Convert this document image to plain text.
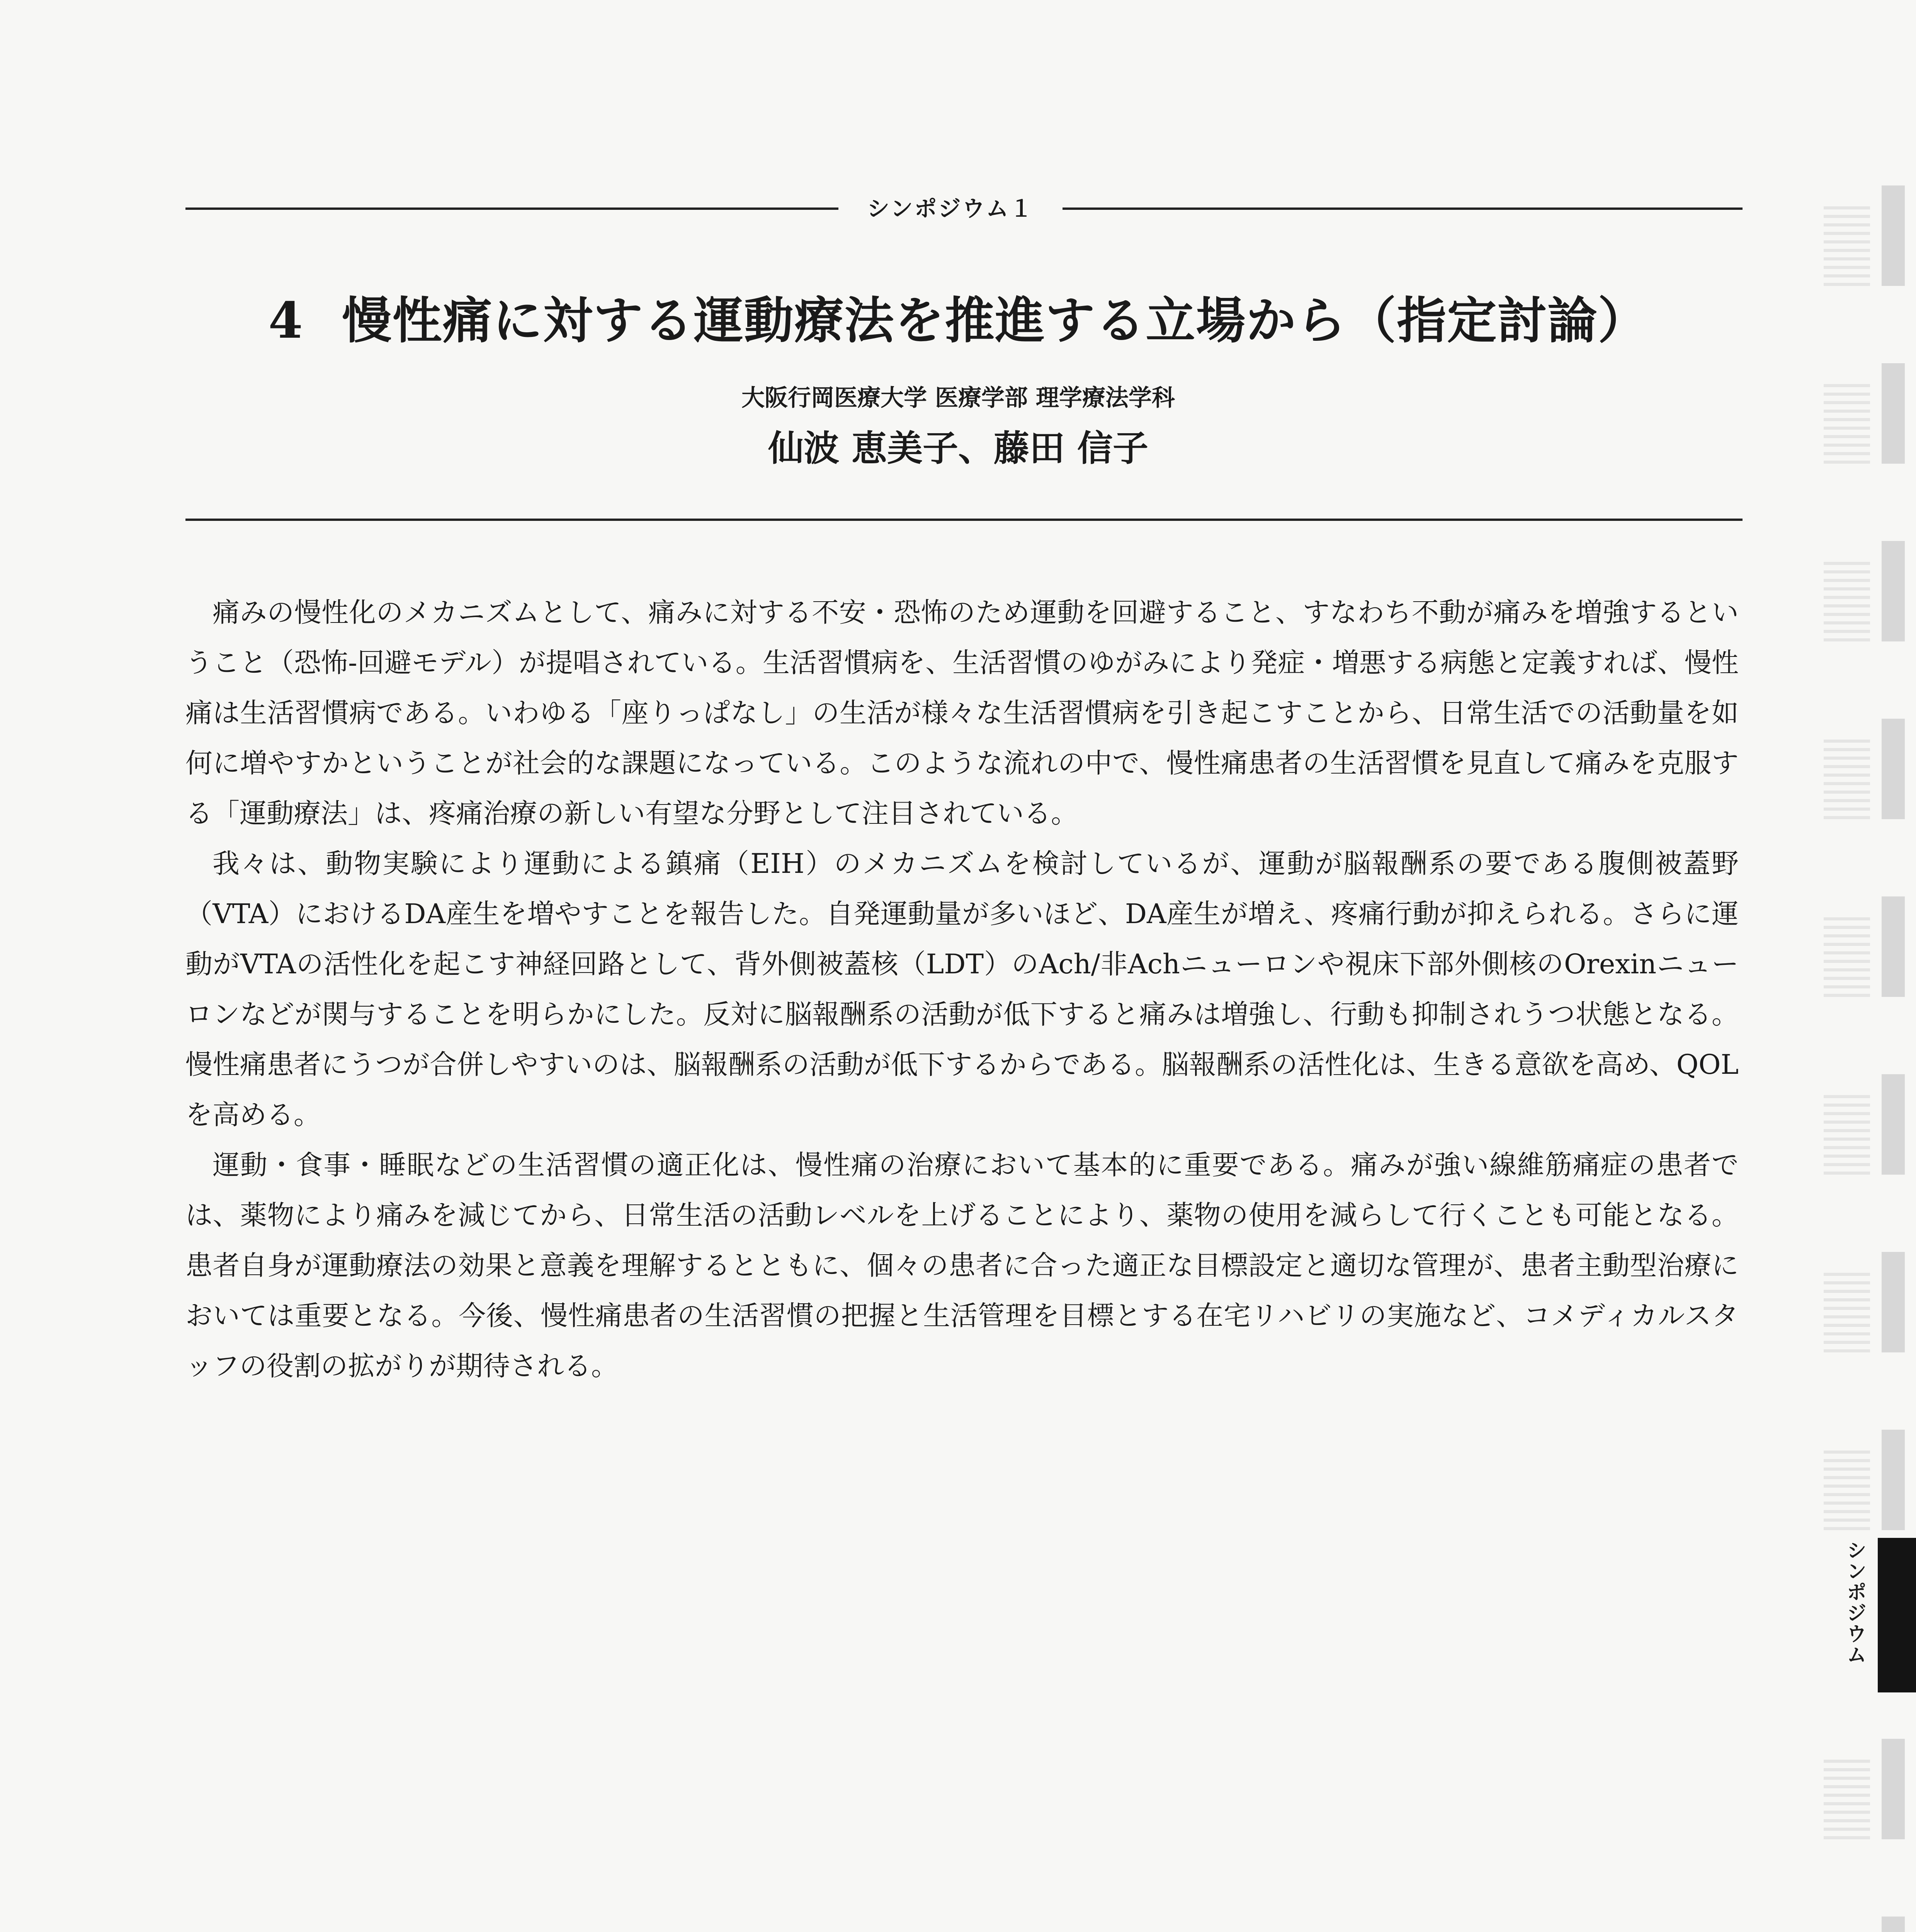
シンポジウム１
4 慢性痛に対する運動療法を推進する立場から（指定討論）
大阪行岡医療大学 医療学部 理学療法学科
仙波 恵美子、藤田 信子

痛みの慢性化のメカニズムとして、痛みに対する不安・恐怖のため運動を回避すること、すなわち不動が痛みを増強するということ（恐怖-回避モデル）が提唱されている。生活習慣病を、生活習慣のゆがみにより発症・増悪する病態と定義すれば、慢性痛は生活習慣病である。いわゆる「座りっぱなし」の生活が様々な生活習慣病を引き起こすことから、日常生活での活動量を如何に増やすかということが社会的な課題になっている。このような流れの中で、慢性痛患者の生活習慣を見直して痛みを克服する「運動療法」は、疼痛治療の新しい有望な分野として注目されている。

我々は、動物実験により運動による鎮痛（EIH）のメカニズムを検討しているが、運動が脳報酬系の要である腹側被蓋野（VTA）におけるDA産生を増やすことを報告した。自発運動量が多いほど、DA産生が増え、疼痛行動が抑えられる。さらに運動がVTAの活性化を起こす神経回路として、背外側被蓋核（LDT）のAch/非Achニューロンや視床下部外側核のOrexinニューロンなどが関与することを明らかにした。反対に脳報酬系の活動が低下すると痛みは増強し、行動も抑制されうつ状態となる。慢性痛患者にうつが合併しやすいのは、脳報酬系の活動が低下するからである。脳報酬系の活性化は、生きる意欲を高め、QOLを高める。

運動・食事・睡眠などの生活習慣の適正化は、慢性痛の治療において基本的に重要である。痛みが強い線維筋痛症の患者では、薬物により痛みを減じてから、日常生活の活動レベルを上げることにより、薬物の使用を減らして行くことも可能となる。患者自身が運動療法の効果と意義を理解するとともに、個々の患者に合った適正な目標設定と適切な管理が、患者主動型治療においては重要となる。今後、慢性痛患者の生活習慣の把握と生活管理を目標とする在宅リハビリの実施など、コメディカルスタッフの役割の拡がりが期待される。

シンポジウム
